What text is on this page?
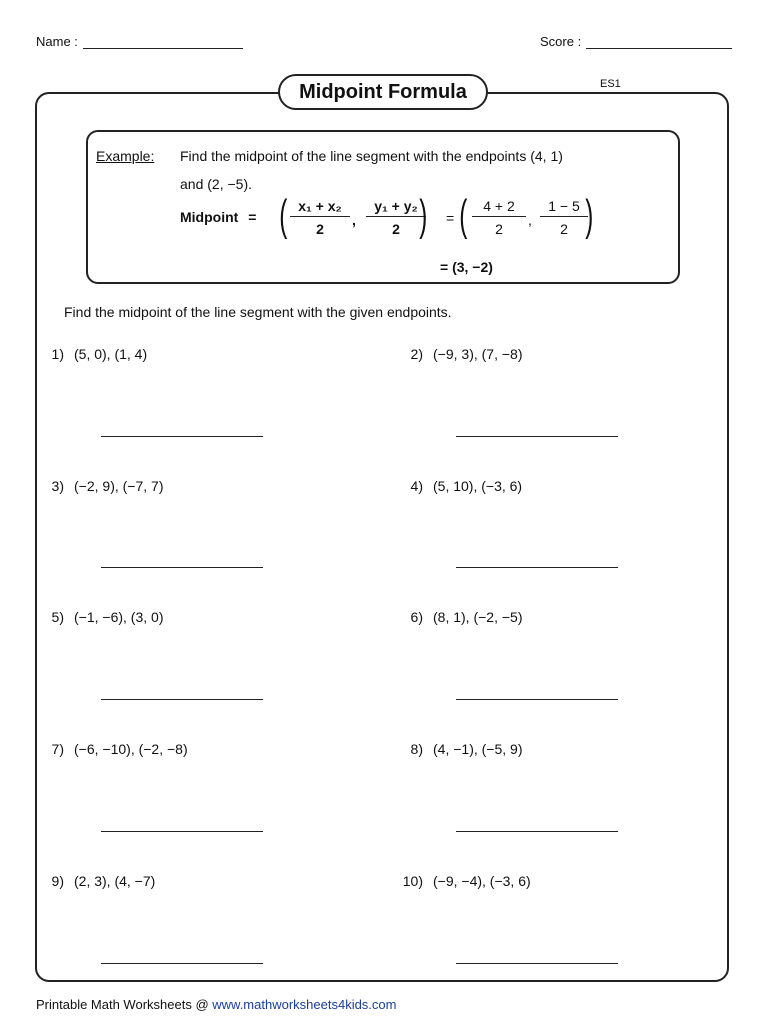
Name :	Score :
Midpoint Formula	ES1
Example: Find the midpoint of the line segment with the endpoints (4, 1)
and (2, −5).
Midpoint = ( $\frac{\text{x₁ + x₂}}{2}$ , $\frac{\text{y₁ + y₂}}{2}$
) = ( $\frac{4 + 2}{2}$ , $\frac{1 - 5}{2}$
)
= (3, −2)
Find the midpoint of the line segment with the given endpoints.
1) (5, 0), (1, 4)	2) (−9, 3), (7, −8)
3) (−2, 9), (−7, 7)	4) (5, 10), (−3, 6)
5) (−1, −6), (3, 0)	6) (8, 1), (−2, −5)
7) (−6, −10), (−2, −8)	8) (4, −1), (−5, 9)
9) (2, 3), (4, −7)	10) (−9, −4), (−3, 6)
Printable Math Worksheets @ www.mathworksheets4kids.com
